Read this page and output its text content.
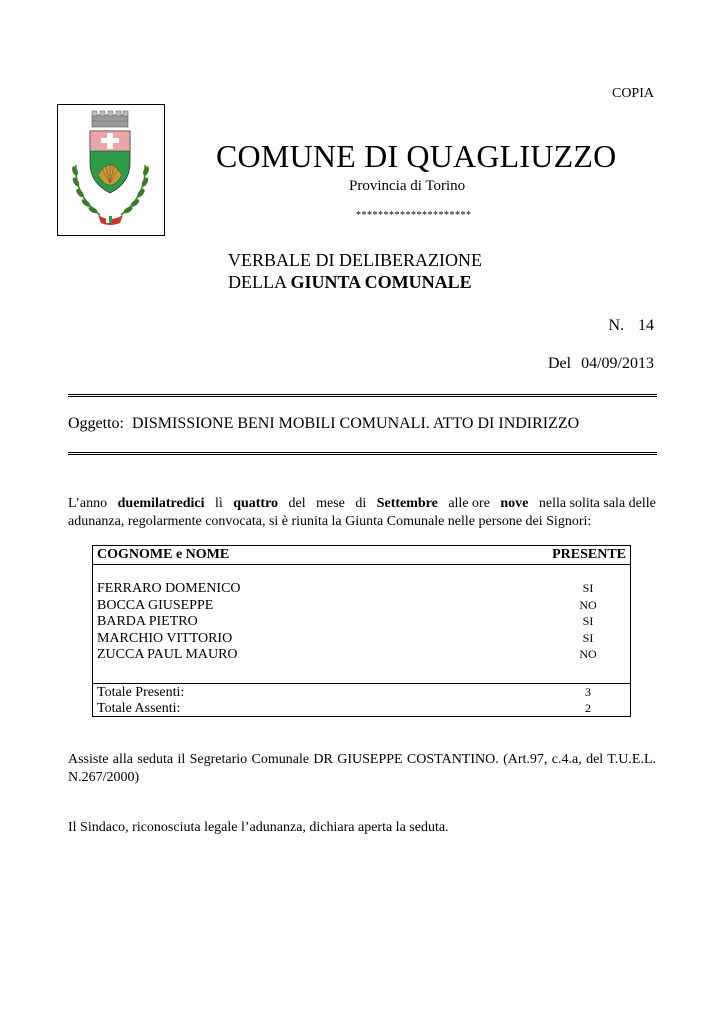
COPIA
COMUNE DI QUAGLIUZZO
Provincia di Torino
*********************
VERBALE DI DELIBERAZIONE
DELLA GIUNTA COMUNALE
N. 14
Del 04/09/2013
Oggetto: DISMISSIONE BENI MOBILI COMUNALI. ATTO DI INDIRIZZO
L’anno duemilatredici lì quattro del mese di Settembre alle ore nove nella solita sala delle
adunanza, regolarmente convocata, si è riunita la Giunta Comunale nelle persone dei Signori:
COGNOME e NOME	PRESENTE
FERRARO DOMENICO	SI
BOCCA GIUSEPPE	NO
BARDA PIETRO	SI
MARCHIO VITTORIO	SI
ZUCCA PAUL MAURO	NO
Totale Presenti:	3
Totale Assenti:	2
Assiste alla seduta il Segretario Comunale DR GIUSEPPE COSTANTINO. (Art.97, c.4.a, del T.U.E.L. N.267/2000)
Il Sindaco, riconosciuta legale l’adunanza, dichiara aperta la seduta.
